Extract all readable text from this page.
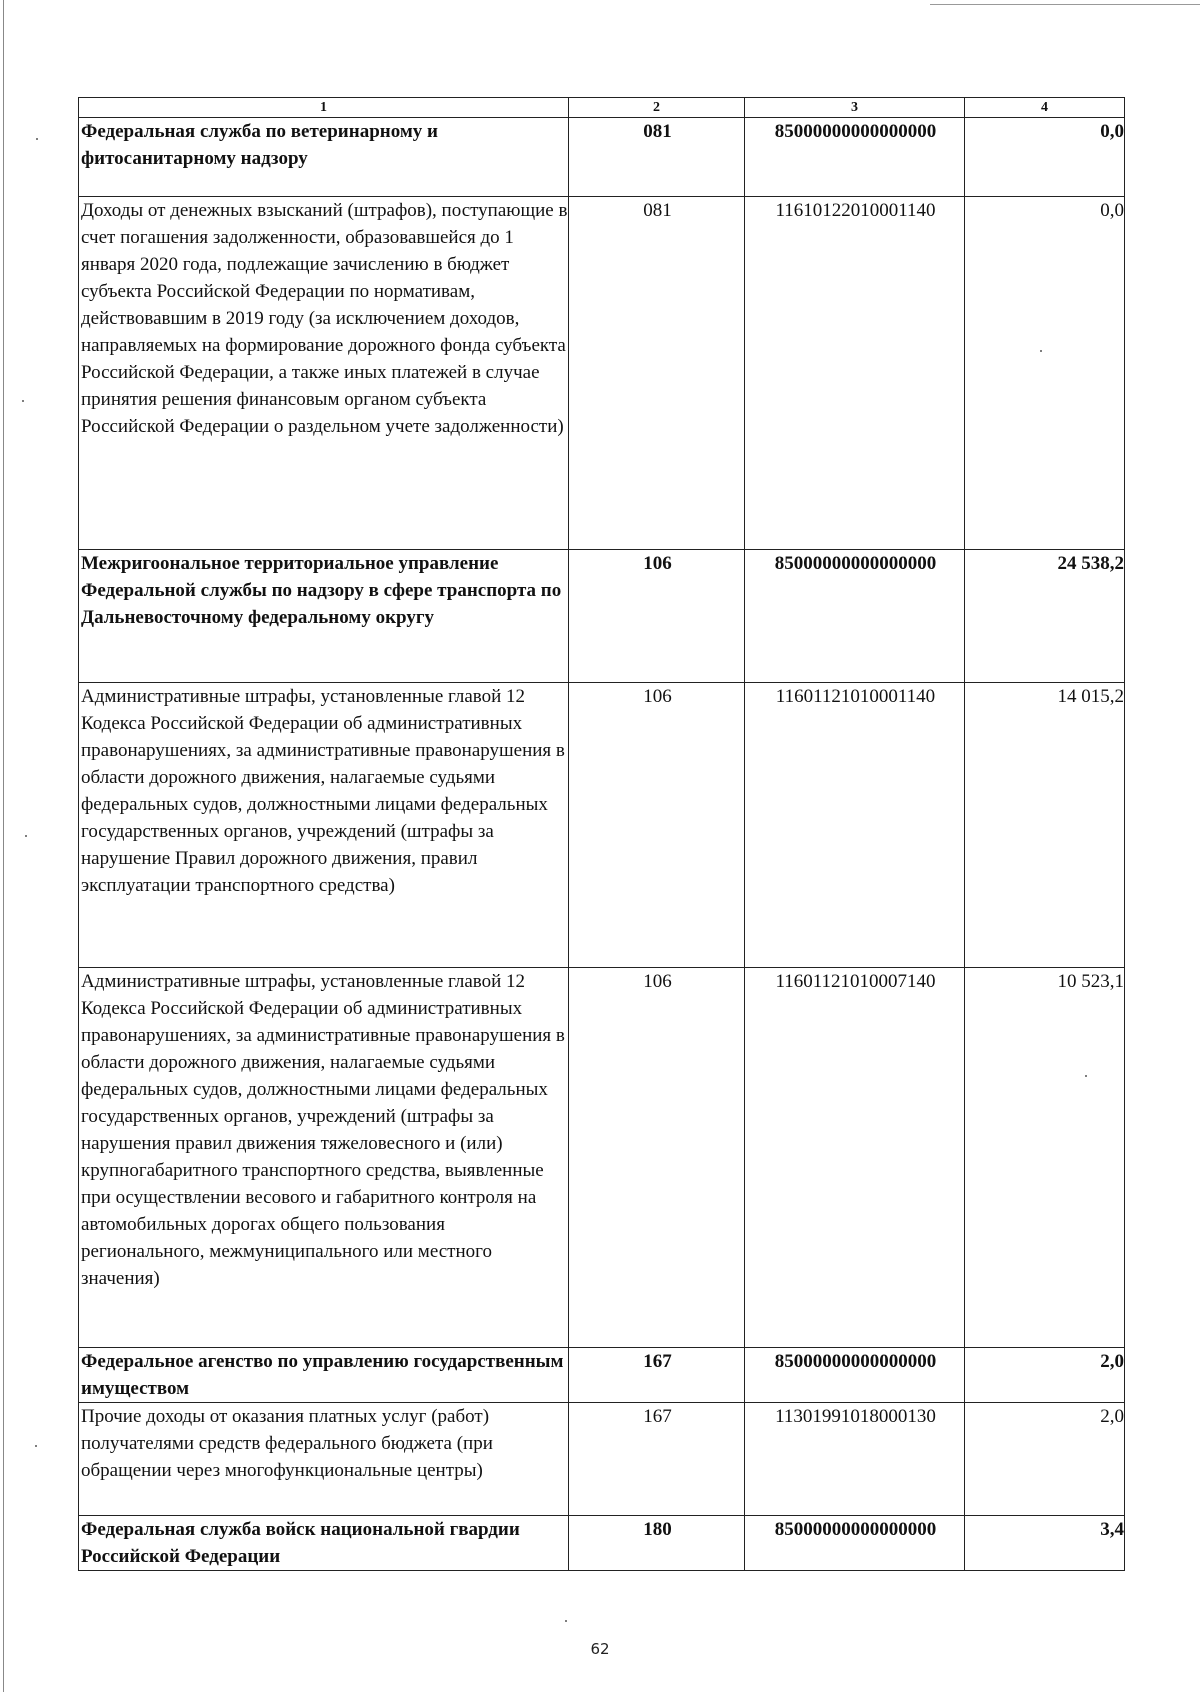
1	2	3	4
Федеральная служба по ветеринарному и фитосанитарному надзору	081	85000000000000000	0,0
Доходы от денежных взысканий (штрафов), поступающие в счет погашения задолженности, образовавшейся до 1 января 2020 года, подлежащие зачислению в бюджет субъекта Российской Федерации по нормативам, действовавшим в 2019 году (за исключением доходов, направляемых на формирование дорожного фонда субъекта Российской Федерации, а также иных платежей в случае принятия решения финансовым органом субъекта Российской Федерации о раздельном учете задолженности)	081	11610122010001140	0,0
Межригоональное территориальное управление Федеральной службы по надзору в сфере транспорта по Дальневосточному федеральному округу	106	85000000000000000	24 538,2
Административные штрафы, установленные главой 12 Кодекса Российской Федерации об административных правонарушениях, за административные правонарушения в области дорожного движения, налагаемые судьями федеральных судов, должностными лицами федеральных государственных органов, учреждений (штрафы за нарушение Правил дорожного движения, правил эксплуатации транспортного средства)	106	11601121010001140	14 015,2
Административные штрафы, установленные главой 12 Кодекса Российской Федерации об административных правонарушениях, за административные правонарушения в области дорожного движения, налагаемые судьями федеральных судов, должностными лицами федеральных государственных органов, учреждений (штрафы за нарушения правил движения тяжеловесного и (или) крупногабаритного транспортного средства, выявленные при осуществлении весового и габаритного контроля на автомобильных дорогах общего пользования регионального, межмуниципального или местного значения)	106	11601121010007140	10 523,1
Федеральное агенство по управлению государственным имуществом	167	85000000000000000	2,0
Прочие доходы от оказания платных услуг (работ) получателями средств федерального бюджета (при обращении через многофункциональные центры)	167	11301991018000130	2,0
Федеральная служба войск национальной гвардии Российской Федерации	180	85000000000000000	3,4
62
